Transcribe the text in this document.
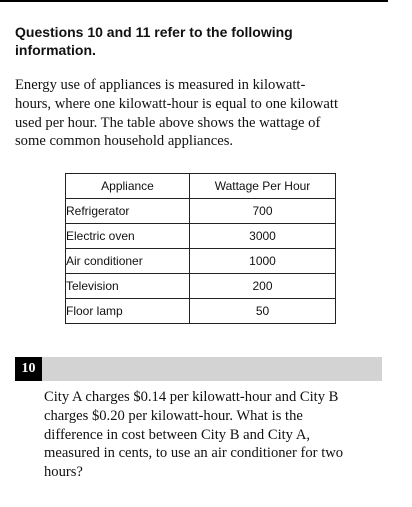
Questions 10 and 11 refer to the following
information.
Energy use of appliances is measured in kilowatt-
hours, where one kilowatt-hour is equal to one kilowatt
used per hour. The table above shows the wattage of
some common household appliances.
Appliance	Wattage Per Hour
Refrigerator	700
Electric oven	3000
Air conditioner	1000
Television	200
Floor lamp	50
10
City A charges $0.14 per kilowatt-hour and City B
charges $0.20 per kilowatt-hour. What is the
difference in cost between City B and City A,
measured in cents, to use an air conditioner for two
hours?
